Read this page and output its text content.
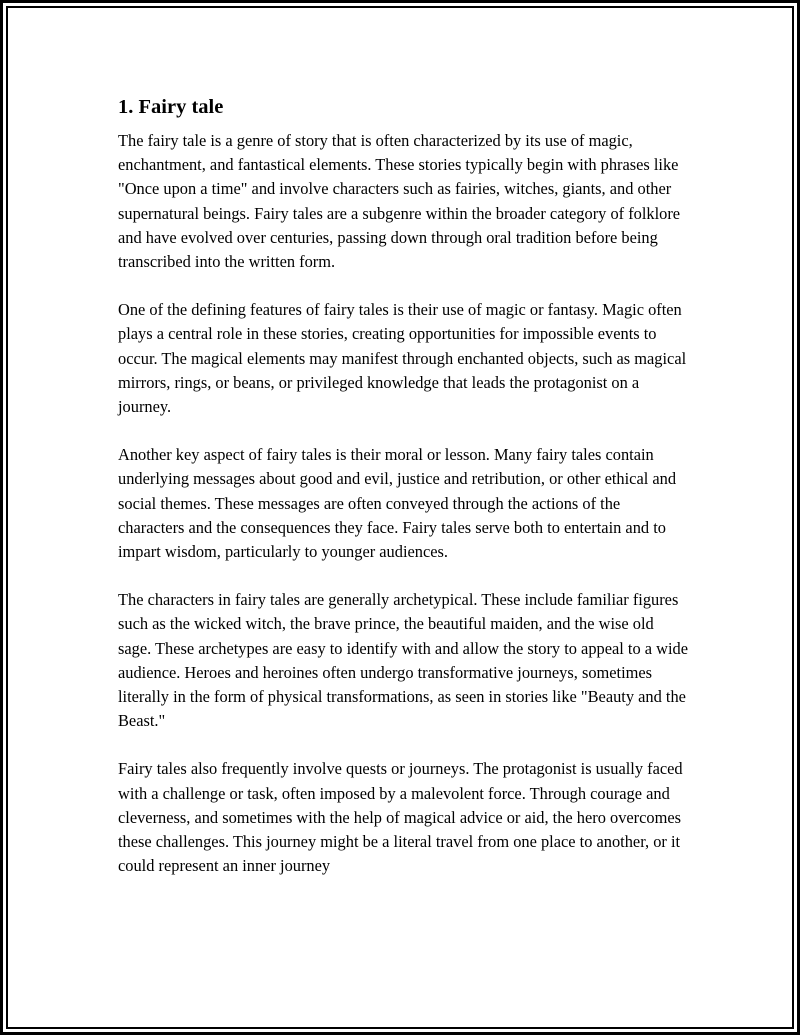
1. Fairy tale

The fairy tale is a genre of story that is often characterized by its use of magic, enchantment, and fantastical elements. These stories typically begin with phrases like "Once upon a time" and involve characters such as fairies, witches, giants, and other supernatural beings. Fairy tales are a subgenre within the broader category of folklore and have evolved over centuries, passing down through oral tradition before being transcribed into the written form.

One of the defining features of fairy tales is their use of magic or fantasy. Magic often plays a central role in these stories, creating opportunities for impossible events to occur. The magical elements may manifest through enchanted objects, such as magical mirrors, rings, or beans, or privileged knowledge that leads the protagonist on a journey.

Another key aspect of fairy tales is their moral or lesson. Many fairy tales contain underlying messages about good and evil, justice and retribution, or other ethical and social themes. These messages are often conveyed through the actions of the characters and the consequences they face. Fairy tales serve both to entertain and to impart wisdom, particularly to younger audiences.

The characters in fairy tales are generally archetypical. These include familiar figures such as the wicked witch, the brave prince, the beautiful maiden, and the wise old sage. These archetypes are easy to identify with and allow the story to appeal to a wide audience. Heroes and heroines often undergo transformative journeys, sometimes literally in the form of physical transformations, as seen in stories like "Beauty and the Beast."

Fairy tales also frequently involve quests or journeys. The protagonist is usually faced with a challenge or task, often imposed by a malevolent force. Through courage and cleverness, and sometimes with the help of magical advice or aid, the hero overcomes these challenges. This journey might be a literal travel from one place to another, or it could represent an inner journey
